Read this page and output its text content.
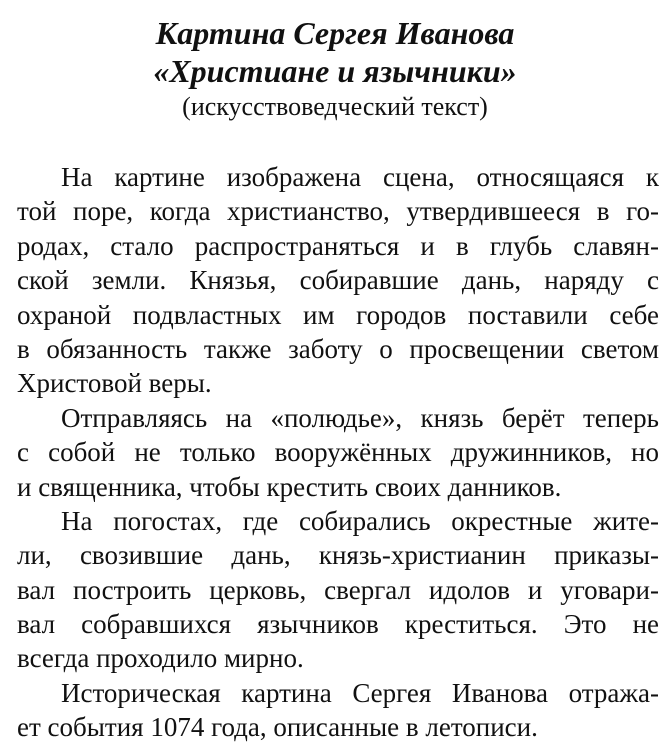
Картина Сергея Иванова
«Христиане и язычники»
(искусствоведческий текст)
На картине изображена сцена, относящаяся к
той поре, когда христианство, утвердившееся в го-
родах, стало распространяться и в глубь славян-
ской земли. Князья, собиравшие дань, наряду с
охраной подвластных им городов поставили себе
в обязанность также заботу о просвещении светом
Христовой веры.
Отправляясь на «полюдье», князь берёт теперь
с собой не только вооружённых дружинников, но
и священника, чтобы крестить своих данников.
На погостах, где собирались окрестные жите-
ли, свозившие дань, князь-христианин приказы-
вал построить церковь, свергал идолов и уговари-
вал собравшихся язычников креститься. Это не
всегда проходило мирно.
Историческая картина Сергея Иванова отража-
ет события 1074 года, описанные в летописи.
